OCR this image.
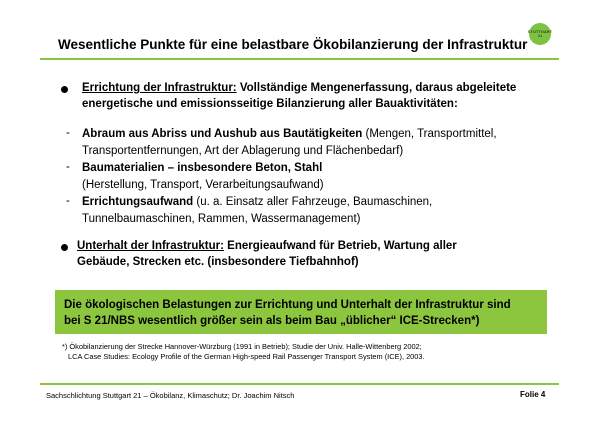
Wesentliche Punkte für eine belastbare Ökobilanzierung der Infrastruktur
STUTTGART
21
Errichtung der Infrastruktur: Vollständige Mengenerfassung, daraus abgeleitete
energetische und emissionsseitige Bilanzierung aller Bauaktivitäten:
- Abraum aus Abriss und Aushub aus Bautätigkeiten (Mengen, Transportmittel,
Transportentfernungen, Art der Ablagerung und Flächenbedarf)
- Baumaterialien – insbesondere Beton, Stahl
(Herstellung, Transport, Verarbeitungsaufwand)
- Errichtungsaufwand (u. a. Einsatz aller Fahrzeuge, Baumaschinen,
Tunnelbaumaschinen, Rammen, Wassermanagement)
Unterhalt der Infrastruktur: Energieaufwand für Betrieb, Wartung aller
Gebäude, Strecken etc. (insbesondere Tiefbahnhof)
Die ökologischen Belastungen zur Errichtung und Unterhalt der Infrastruktur sind
bei S 21/NBS wesentlich größer sein als beim Bau „üblicher“ ICE-Strecken*)
*) Ökobilanzierung der Strecke Hannover-Würzburg (1991 in Betrieb); Studie der Univ. Halle-Wittenberg 2002;
LCA Case Studies: Ecology Profile of the German High-speed Rail Passenger Transport System (ICE), 2003.
Sachschlichtung Stuttgart 21 – Ökobilanz, Klimaschutz; Dr. Joachim Nitsch	Folie 4
